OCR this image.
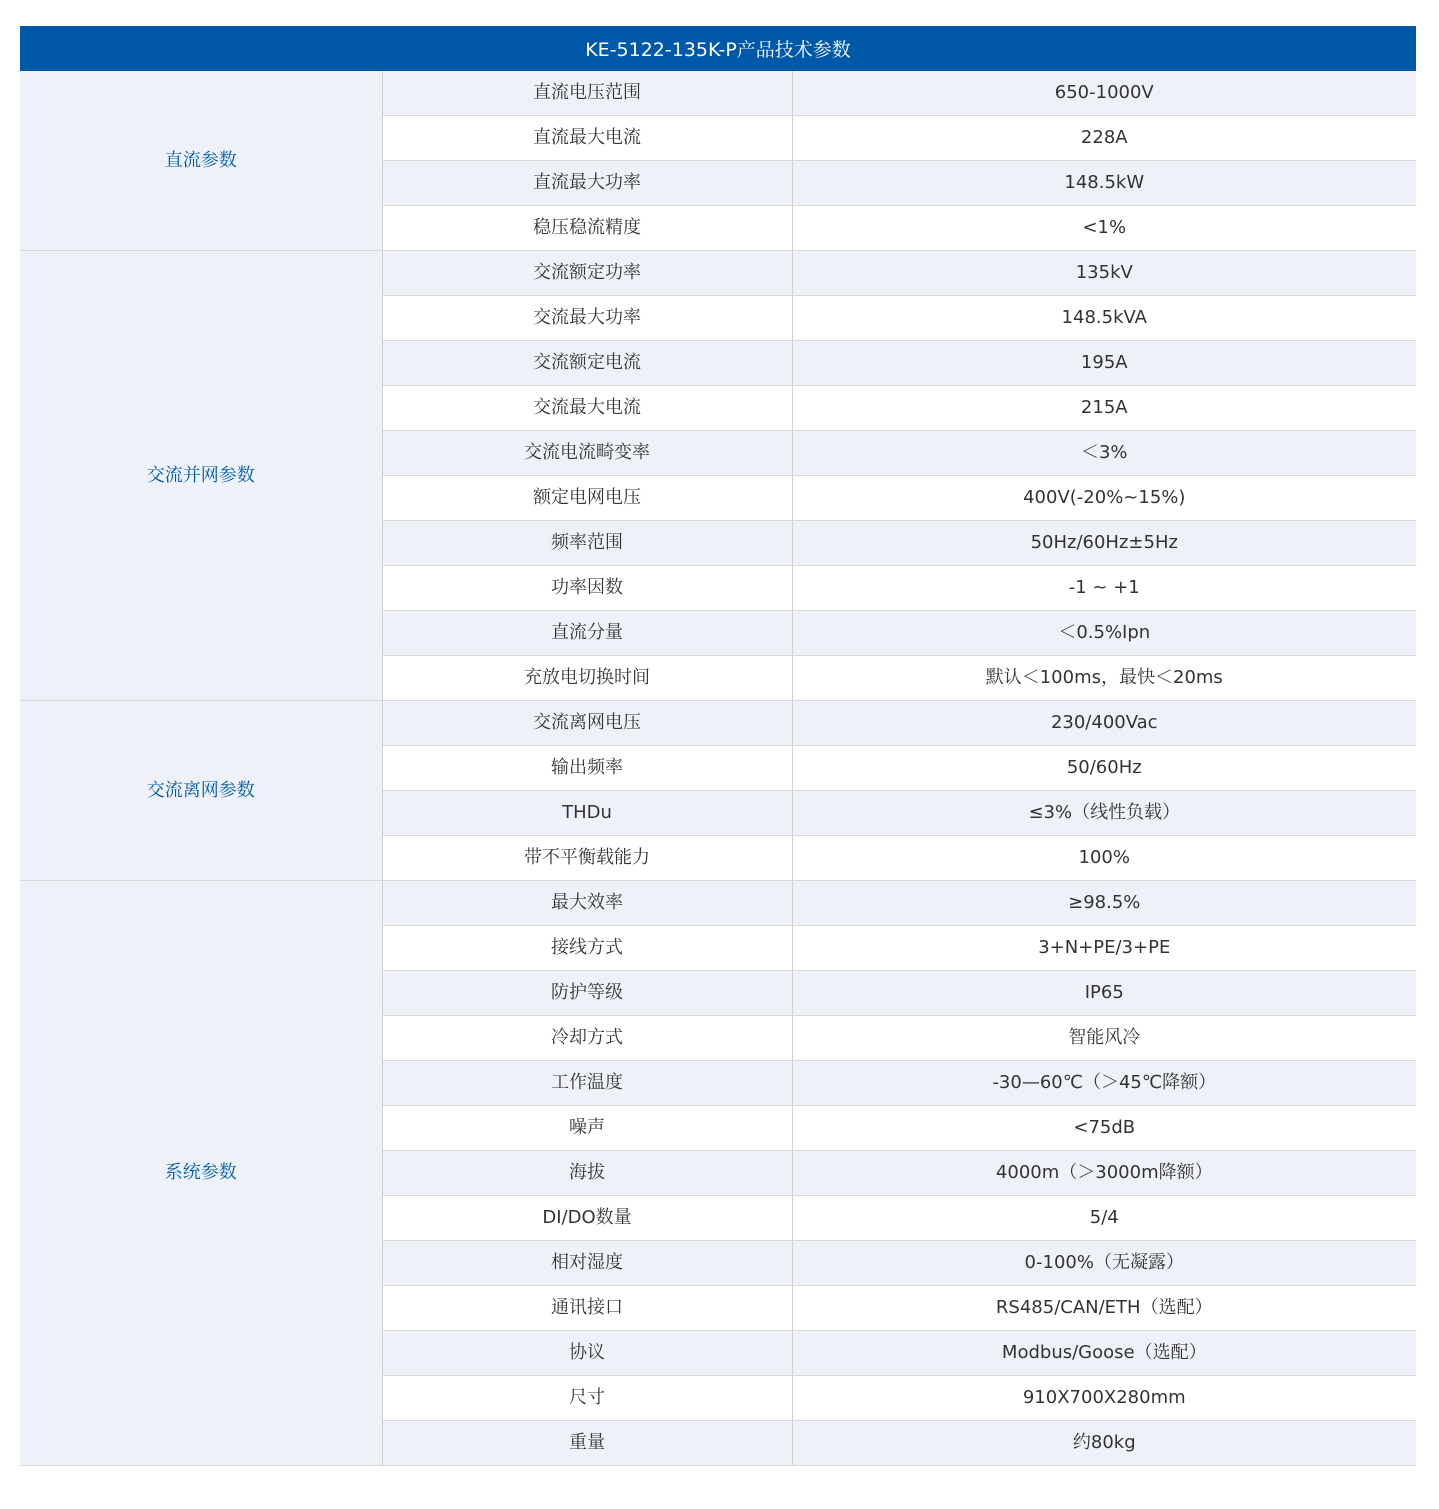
KE-5122-135K-P产品技术参数		
直流参数	直流电压范围	650-1000V
	直流最大电流	228A
	直流最大功率	148.5kW
	稳压稳流精度	<1%
交流并网参数	交流额定功率	135kV
	交流最大功率	148.5kVA
	交流额定电流	195A
	交流最大电流	215A
	交流电流畸变率	＜3%
	额定电网电压	400V(-20%~15%)
	频率范围	50Hz/60Hz±5Hz
	功率因数	-1 ~ +1
	直流分量	＜0.5%Ipn
	充放电切换时间	默认＜100ms，最快＜20ms
交流离网参数	交流离网电压	230/400Vac
	输出频率	50/60Hz
	THDu	≤3%（线性负载）
	带不平衡载能力	100%
系统参数	最大效率	≥98.5%
	接线方式	3+N+PE/3+PE
	防护等级	IP65
	冷却方式	智能风冷
	工作温度	-30—60℃（＞45℃降额）
	噪声	<75dB
	海拔	4000m（＞3000m降额）
	DI/DO数量	5/4
	相对湿度	0-100%（无凝露）
	通讯接口	RS485/CAN/ETH（选配）
	协议	Modbus/Goose（选配）
	尺寸	910X700X280mm
	重量	约80kg
